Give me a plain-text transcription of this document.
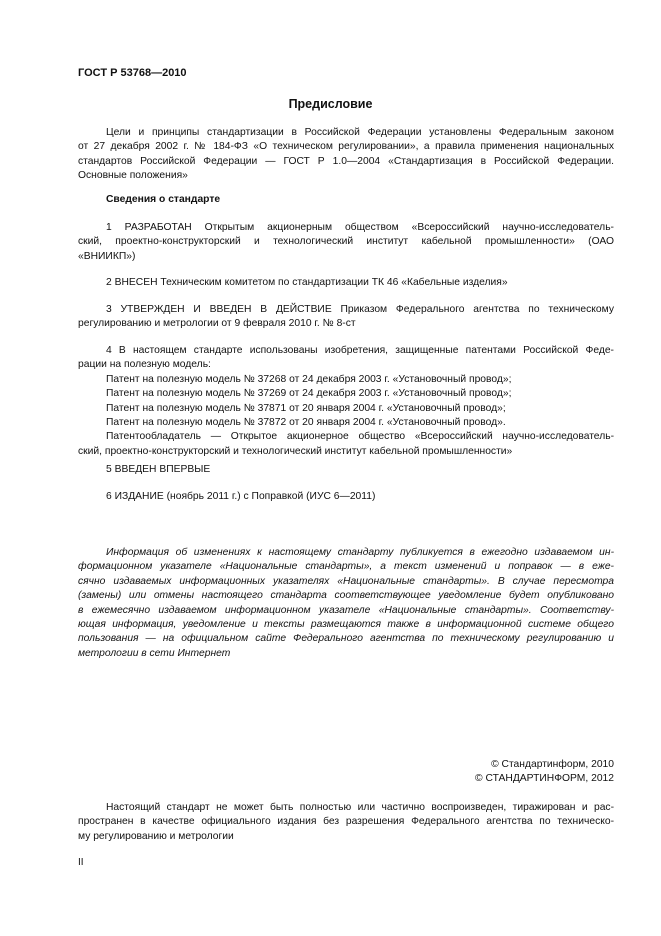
ГОСТ Р 53768—2010
Предисловие
Цели и принципы стандартизации в Российской Федерации установлены Федеральным законом
от 27 декабря 2002 г. № 184-ФЗ «О техническом регулировании», а правила применения национальных
стандартов Российской Федерации — ГОСТ Р 1.0—2004 «Стандартизация в Российской Федерации.
Основные положения»
Сведения о стандарте
1 РАЗРАБОТАН Открытым акционерным обществом «Всероссийский научно-исследователь-
ский, проектно-конструкторский и технологический институт кабельной промышленности» (ОАО
«ВНИИКП»)
2 ВНЕСЕН Техническим комитетом по стандартизации ТК 46 «Кабельные изделия»
3 УТВЕРЖДЕН И ВВЕДЕН В ДЕЙСТВИЕ Приказом Федерального агентства по техническому
регулированию и метрологии от 9 февраля 2010 г. № 8-ст
4 В настоящем стандарте использованы изобретения, защищенные патентами Российской Феде-
рации на полезную модель:
Патент на полезную модель № 37268 от 24 декабря 2003 г. «Установочный провод»;
Патент на полезную модель № 37269 от 24 декабря 2003 г. «Установочный провод»;
Патент на полезную модель № 37871 от 20 января 2004 г. «Установочный провод»;
Патент на полезную модель № 37872 от 20 января 2004 г. «Установочный провод».
Патентообладатель — Открытое акционерное общество «Всероссийский научно-исследователь-
ский, проектно-конструкторский и технологический институт кабельной промышленности»
5 ВВЕДЕН ВПЕРВЫЕ
6 ИЗДАНИЕ (ноябрь 2011 г.) с Поправкой (ИУС 6—2011)
Информация об изменениях к настоящему стандарту публикуется в ежегодно издаваемом ин-
формационном указателе «Национальные стандарты», а текст изменений и поправок — в еже-
сячно издаваемых информационных указателях «Национальные стандарты». В случае пересмотра
(замены) или отмены настоящего стандарта соответствующее уведомление будет опубликовано
в ежемесячно издаваемом информационном указателе «Национальные стандарты». Соответству-
ющая информация, уведомление и тексты размещаются также в информационной системе общего
пользования — на официальном сайте Федерального агентства по техническому регулированию и
метрологии в сети Интернет
© Стандартинформ, 2010
© СТАНДАРТИНФОРМ, 2012
Настоящий стандарт не может быть полностью или частично воспроизведен, тиражирован и рас-
пространен в качестве официального издания без разрешения Федерального агентства по техническо-
му регулированию и метрологии
II
